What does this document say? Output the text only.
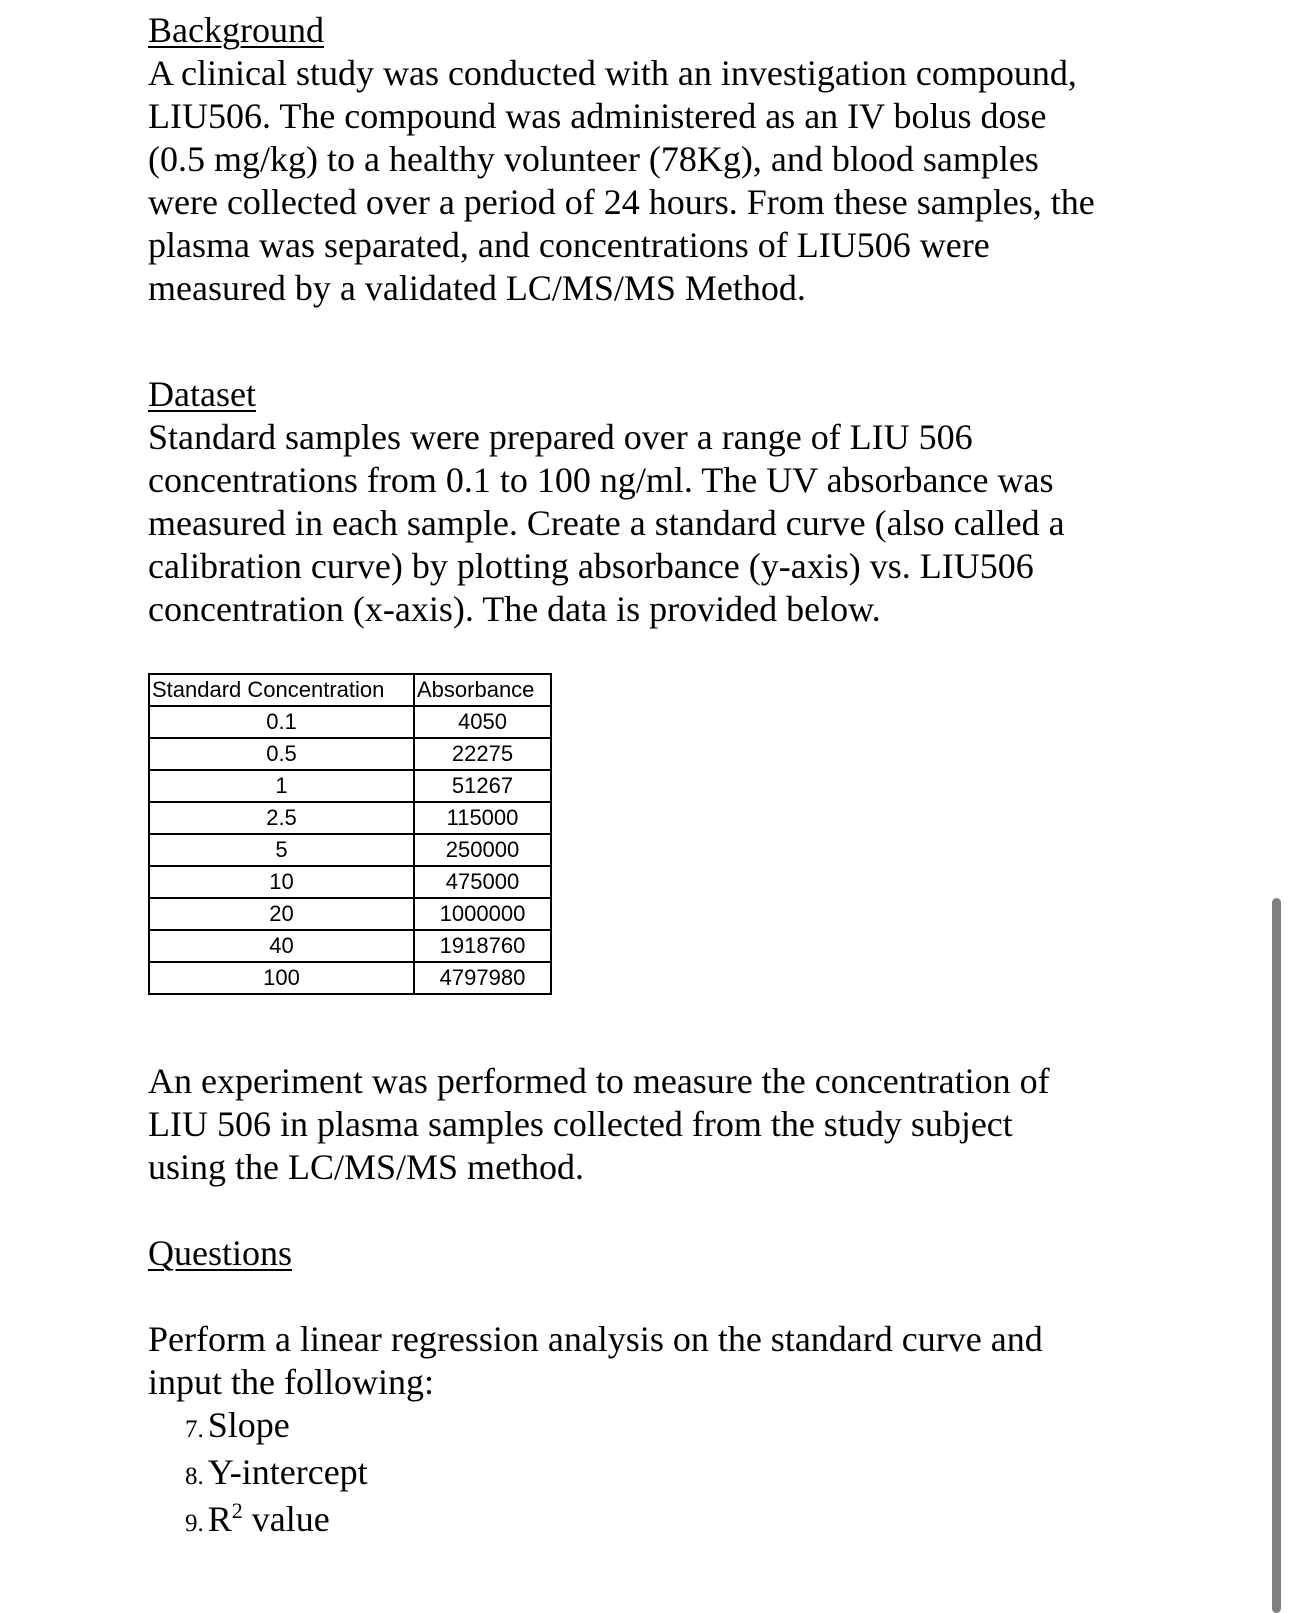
Background
A clinical study was conducted with an investigation compound, LIU506. The compound was administered as an IV bolus dose (0.5 mg/kg) to a healthy volunteer (78Kg), and blood samples were collected over a period of 24 hours. From these samples, the plasma was separated, and concentrations of LIU506 were measured by a validated LC/MS/MS Method.
Dataset
Standard samples were prepared over a range of LIU 506 concentrations from 0.1 to 100 ng/ml. The UV absorbance was measured in each sample. Create a standard curve (also called a calibration curve) by plotting absorbance (y-axis) vs. LIU506 concentration (x-axis). The data is provided below.
Standard Concentration	Absorbance
0.1	4050
0.5	22275
1	51267
2.5	115000
5	250000
10	475000
20	1000000
40	1918760
100	4797980
An experiment was performed to measure the concentration of LIU 506 in plasma samples collected from the study subject using the LC/MS/MS method.
Questions
Perform a linear regression analysis on the standard curve and input the following:
7. Slope
8. Y-intercept
9. $R^2$ value
